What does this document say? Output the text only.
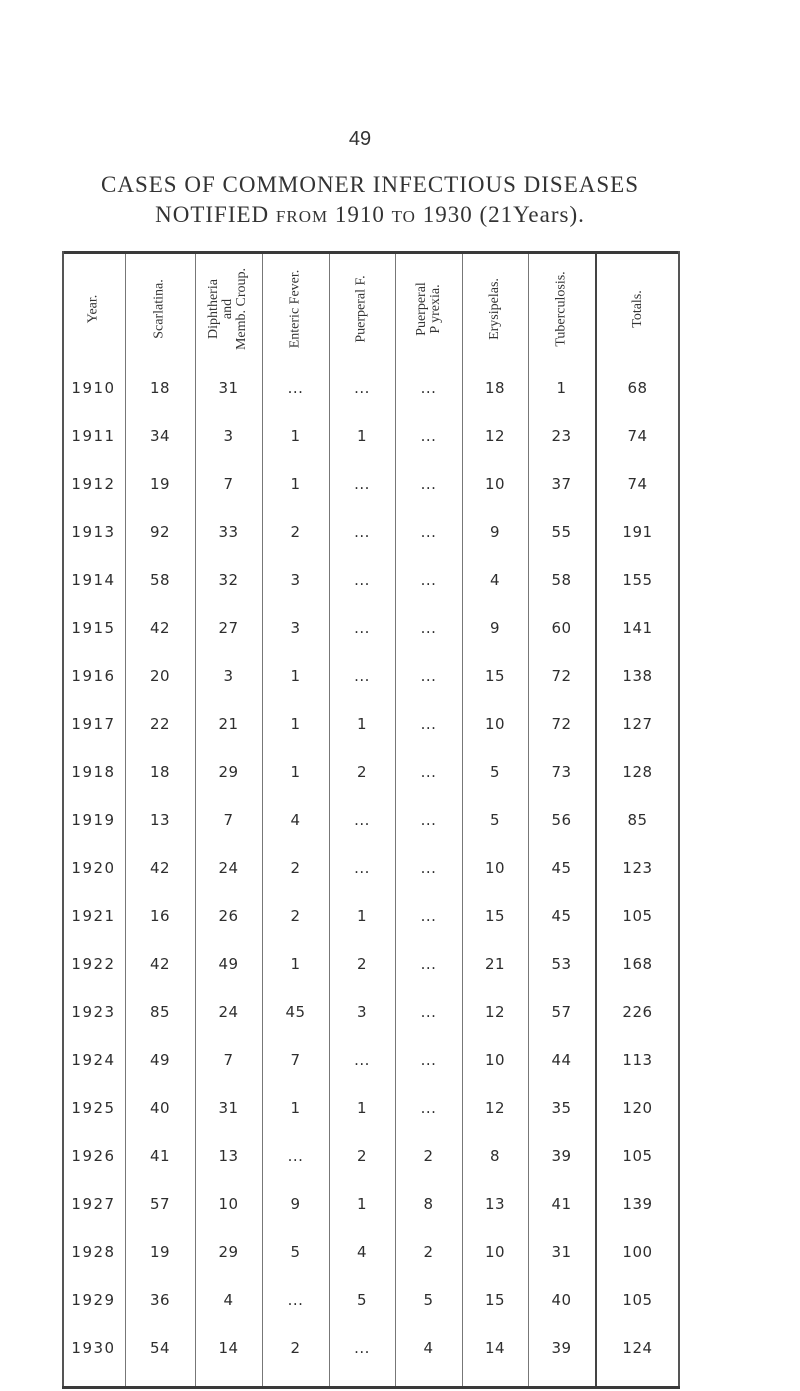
49
CASES OF COMMONER INFECTIOUS DISEASES
NOTIFIED FROM 1910 TO 1930 (21Years).
Year.	Scarlatina.	Diphtheria
and
Memb. Croup.	Enteric Fever.	Puerperal F.	Puerperal
P yrexia.	Erysipelas.	Tuberculosis.	Totals.
1910	18	31	...	...	...	18	1	68
1911	34	3	1	1	...	12	23	74
1912	19	7	1	...	...	10	37	74
1913	92	33	2	...	...	9	55	191
1914	58	32	3	...	...	4	58	155
1915	42	27	3	...	...	9	60	141
1916	20	3	1	...	...	15	72	138
1917	22	21	1	1	...	10	72	127
1918	18	29	1	2	...	5	73	128
1919	13	7	4	...	...	5	56	85
1920	42	24	2	...	...	10	45	123
1921	16	26	2	1	...	15	45	105
1922	42	49	1	2	...	21	53	168
1923	85	24	45	3	...	12	57	226
1924	49	7	7	...	...	10	44	113
1925	40	31	1	1	...	12	35	120
1926	41	13	...	2	2	8	39	105
1927	57	10	9	1	8	13	41	139
1928	19	29	5	4	2	10	31	100
1929	36	4	...	5	5	15	40	105
1930	54	14	2	...	4	14	39	124
